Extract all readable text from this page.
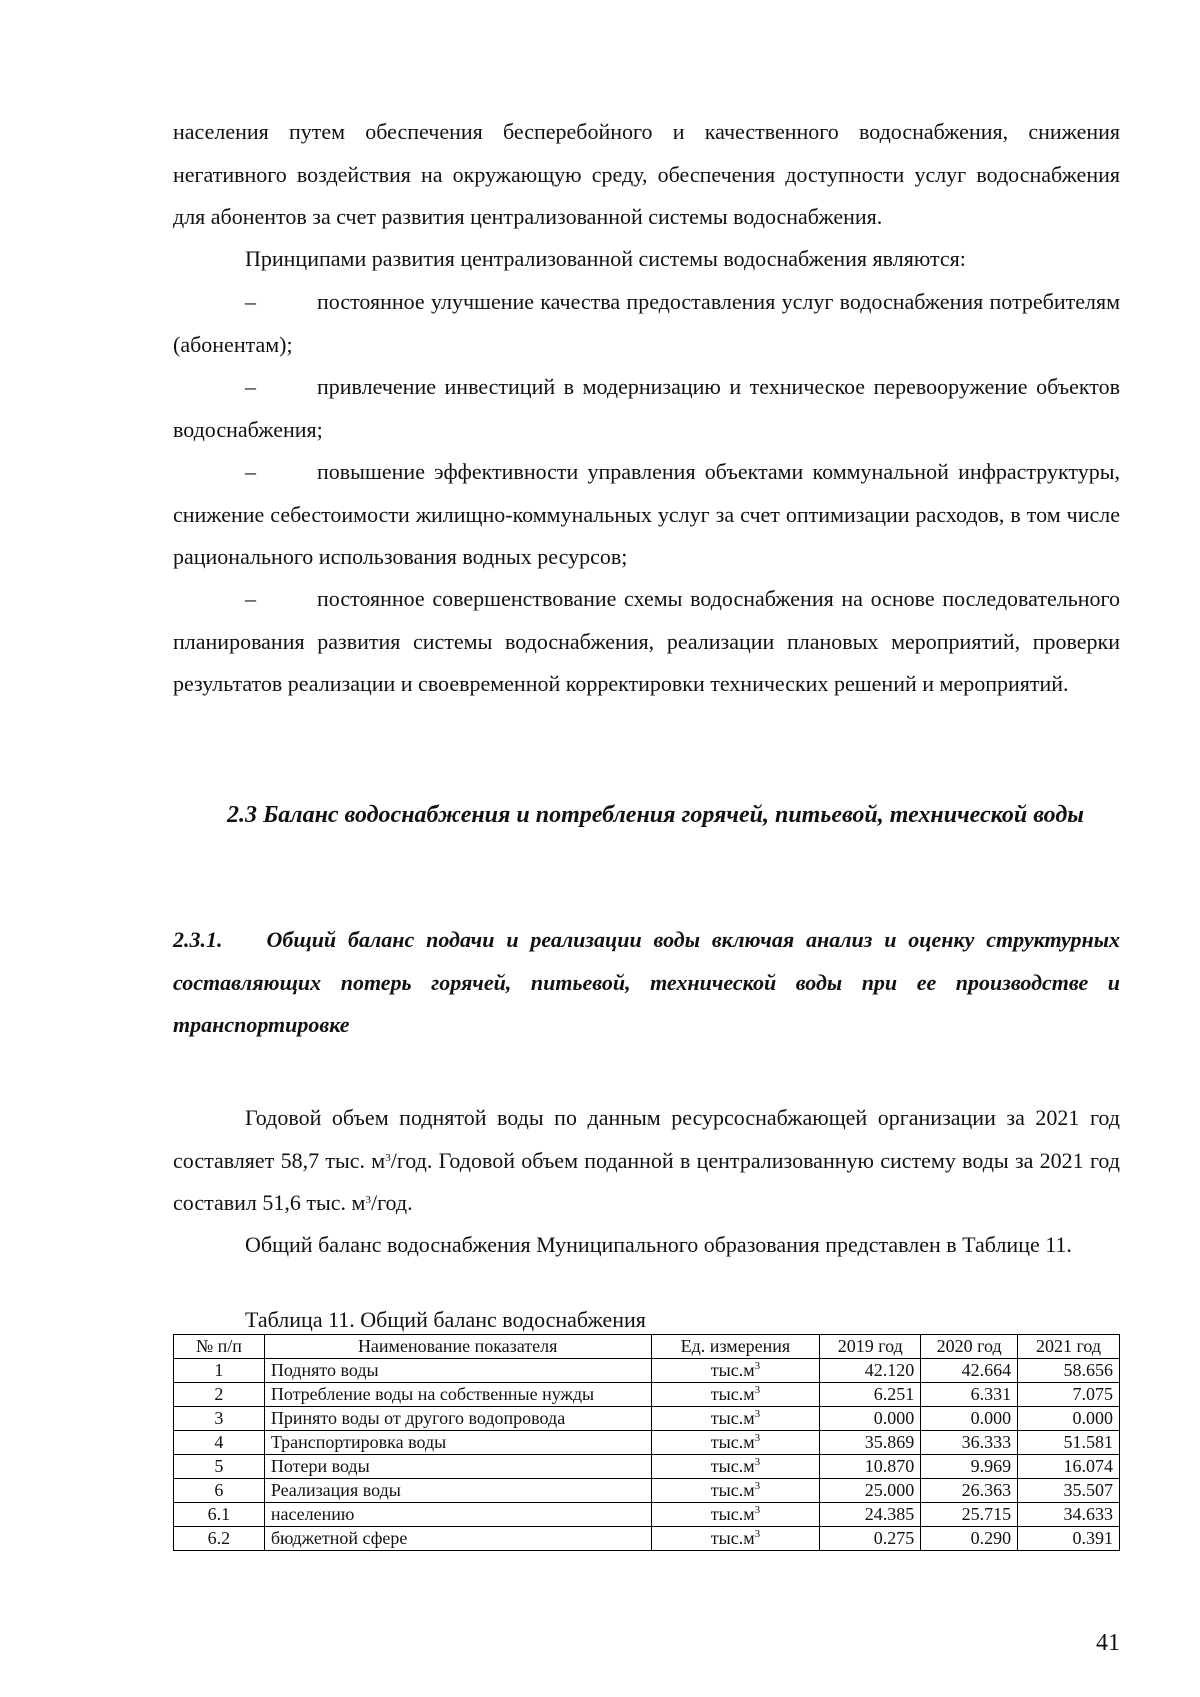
населения путем обеспечения бесперебойного и качественного водоснабжения, снижения негативного воздействия на окружающую среду, обеспечения доступности услуг водоснабжения для абонентов за счет развития централизованной системы водоснабжения.

Принципами развития централизованной системы водоснабжения являются:

–	постоянное улучшение качества предоставления услуг водоснабжения потребителям (абонентам);

–	привлечение инвестиций в модернизацию и техническое перевооружение объектов водоснабжения;

–	повышение эффективности управления объектами коммунальной инфраструктуры, снижение себестоимости жилищно-коммунальных услуг за счет оптимизации расходов, в том числе рационального использования водных ресурсов;

–	постоянное совершенствование схемы водоснабжения на основе последовательного планирования развития системы водоснабжения, реализации плановых мероприятий, проверки результатов реализации и своевременной корректировки технических решений и мероприятий.

2.3 Баланс водоснабжения и потребления горячей, питьевой, технической воды
2.3.1. Общий баланс подачи и реализации воды включая анализ и оценку структурных составляющих потерь горячей, питьевой, технической воды при ее производстве и транспортировке

Годовой объем поднятой воды по данным ресурсоснабжающей организации за 2021 год составляет 58,7 тыс. $м^3$/год. Годовой объем поданной в централизованную систему воды за 2021 год составил 51,6 тыс. $м^3$/год.

Общий баланс водоснабжения Муниципального образования представлен в Таблице 11.

Таблица 11. Общий баланс водоснабжения
№ п/п	Наименование показателя	Ед. измерения	2019 год	2020 год	2021 год
1	Поднято воды	$тыс.м^3$	42.120	42.664	58.656
2	Потребление воды на собственные нужды	$тыс.м^3$	6.251	6.331	7.075
3	Принято воды от другого водопровода	$тыс.м^3$	0.000	0.000	0.000
4	Транспортировка воды	$тыс.м^3$	35.869	36.333	51.581
5	Потери воды	$тыс.м^3$	10.870	9.969	16.074
6	Реализация воды	$тыс.м^3$	25.000	26.363	35.507
6.1	населению	$тыс.м^3$	24.385	25.715	34.633
6.2	бюджетной сфере	$тыс.м^3$	0.275	0.290	0.391
41
